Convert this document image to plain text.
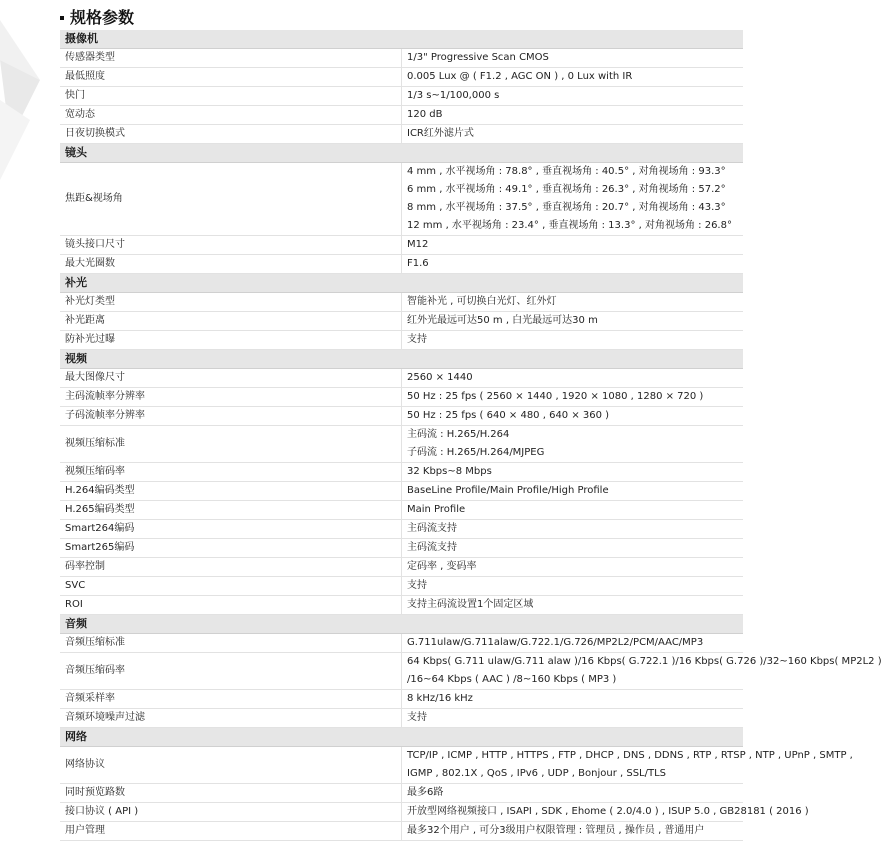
规格参数
摄像机	
传感器类型	1/3" Progressive Scan CMOS

最低照度	0.005 Lux @ ( F1.2 , AGC ON ) , 0 Lux with IR

快门	1/3 s~1/100,000 s

宽动态	120 dB

日夜切换模式	ICR红外滤片式

镜头	
焦距&视场角	4 mm , 水平视场角 : 78.8° , 垂直视场角 : 40.5° , 对角视场角 : 93.3°
6 mm , 水平视场角 : 49.1° , 垂直视场角 : 26.3° , 对角视场角 : 57.2°
8 mm , 水平视场角 : 37.5° , 垂直视场角 : 20.7° , 对角视场角 : 43.3°
12 mm , 水平视场角 : 23.4° , 垂直视场角 : 13.3° , 对角视场角 : 26.8°

镜头接口尺寸	M12

最大光圈数	F1.6

补光	
补光灯类型	智能补光 , 可切换白光灯、红外灯

补光距离	红外光最远可达50 m , 白光最远可达30 m

防补光过曝	支持

视频	
最大图像尺寸	2560 × 1440

主码流帧率分辨率	50 Hz : 25 fps ( 2560 × 1440 , 1920 × 1080 , 1280 × 720 )

子码流帧率分辨率	50 Hz : 25 fps ( 640 × 480 , 640 × 360 )

视频压缩标准	主码流 : H.265/H.264
子码流 : H.265/H.264/MJPEG

视频压缩码率	32 Kbps~8 Mbps

H.264编码类型	BaseLine Profile/Main Profile/High Profile

H.265编码类型	Main Profile

Smart264编码	主码流支持

Smart265编码	主码流支持

码率控制	定码率 , 变码率

SVC	支持

ROI	支持主码流设置1个固定区域

音频	
音频压缩标准	G.711ulaw/G.711alaw/G.722.1/G.726/MP2L2/PCM/AAC/MP3

音频压缩码率	64 Kbps( G.711 ulaw/G.711 alaw )/16 Kbps( G.722.1 )/16 Kbps( G.726 )/32~160 Kbps( MP2L2 )
/16~64 Kbps ( AAC ) /8~160 Kbps ( MP3 )

音频采样率	8 kHz/16 kHz

音频环境噪声过滤	支持

网络	
网络协议	TCP/IP , ICMP , HTTP , HTTPS , FTP , DHCP , DNS , DDNS , RTP , RTSP , NTP , UPnP , SMTP ,
IGMP , 802.1X , QoS , IPv6 , UDP , Bonjour , SSL/TLS

同时预览路数	最多6路

接口协议 ( API )	开放型网络视频接口 , ISAPI , SDK , Ehome ( 2.0/4.0 ) , ISUP 5.0 , GB28181 ( 2016 )

用户管理	最多32个用户 , 可分3级用户权限管理 : 管理员 , 操作员 , 普通用户
